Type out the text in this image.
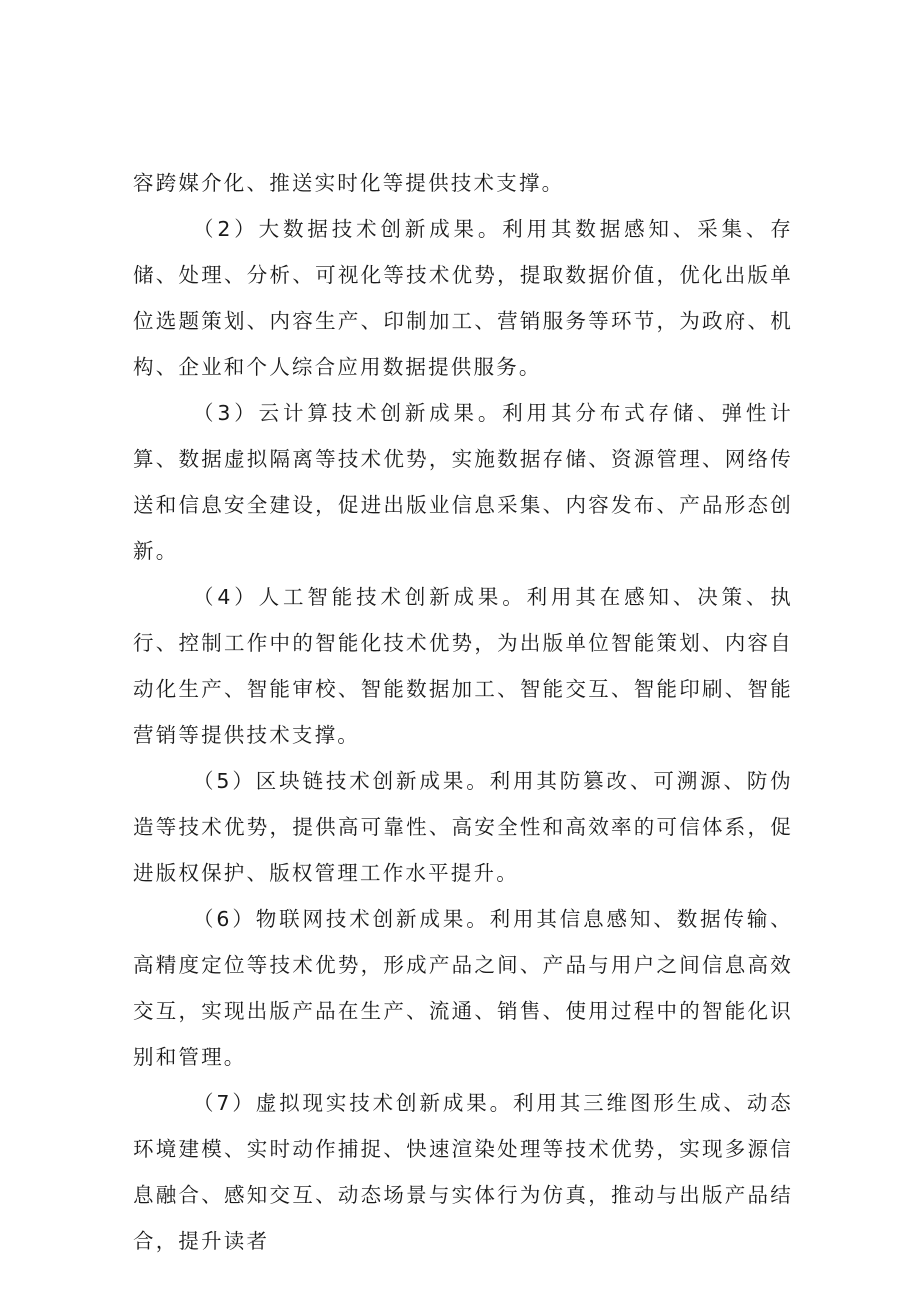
容跨媒介化、推送实时化等提供技术支撑。

（2）大数据技术创新成果。利用其数据感知、采集、存储、处理、分析、可视化等技术优势，提取数据价值，优化出版单位选题策划、内容生产、印制加工、营销服务等环节，为政府、机构、企业和个人综合应用数据提供服务。

（3）云计算技术创新成果。利用其分布式存储、弹性计算、数据虚拟隔离等技术优势，实施数据存储、资源管理、网络传送和信息安全建设，促进出版业信息采集、内容发布、产品形态创新。

（4）人工智能技术创新成果。利用其在感知、决策、执行、控制工作中的智能化技术优势，为出版单位智能策划、内容自动化生产、智能审校、智能数据加工、智能交互、智能印刷、智能营销等提供技术支撑。

（5）区块链技术创新成果。利用其防篡改、可溯源、防伪造等技术优势，提供高可靠性、高安全性和高效率的可信体系，促进版权保护、版权管理工作水平提升。

（6）物联网技术创新成果。利用其信息感知、数据传输、高精度定位等技术优势，形成产品之间、产品与用户之间信息高效交互，实现出版产品在生产、流通、销售、使用过程中的智能化识别和管理。

（7）虚拟现实技术创新成果。利用其三维图形生成、动态环境建模、实时动作捕捉、快速渲染处理等技术优势，实现多源信息融合、感知交互、动态场景与实体行为仿真，推动与出版产品结合，提升读者
